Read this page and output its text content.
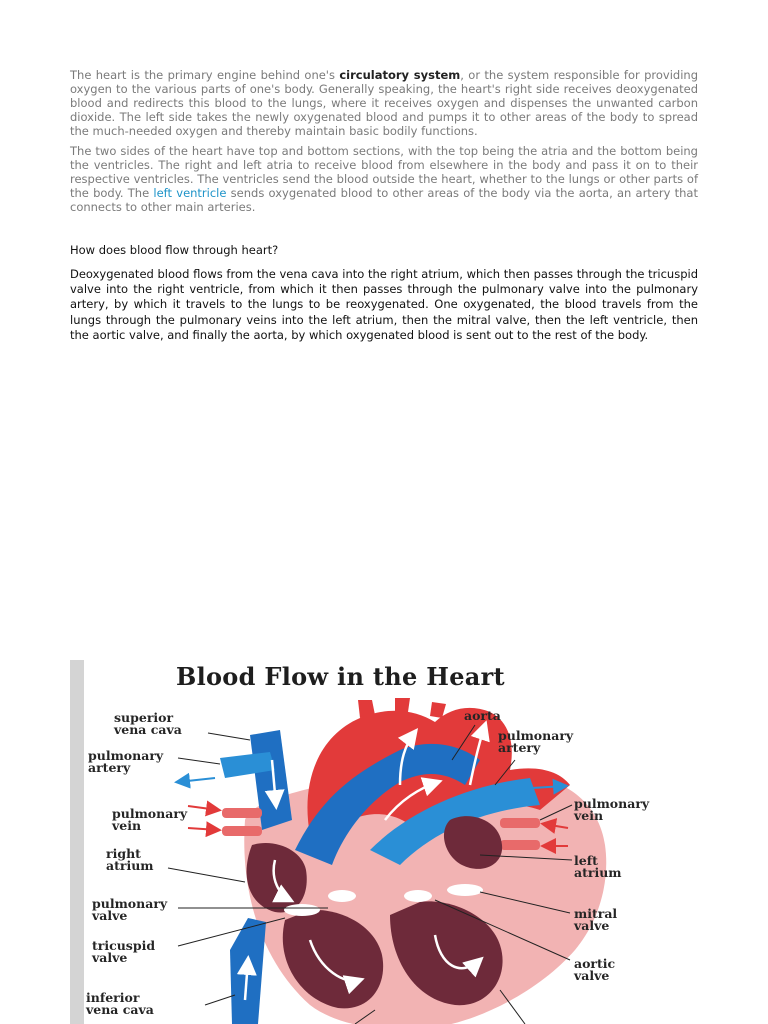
The heart is the primary engine behind one's circulatory system, or the system responsible for providing oxygen to the various parts of one's body. Generally speaking, the heart's right side receives deoxygenated blood and redirects this blood to the lungs, where it receives oxygen and dispenses the unwanted carbon dioxide. The left side takes the newly oxygenated blood and pumps it to other areas of the body to spread the much-needed oxygen and thereby maintain basic bodily functions.

The two sides of the heart have top and bottom sections, with the top being the atria and the bottom being the ventricles. The right and left atria to receive blood from elsewhere in the body and pass it on to their respective ventricles. The ventricles send the blood outside the heart, whether to the lungs or other parts of the body. The left ventricle sends oxygenated blood to other areas of the body via the aorta, an artery that connects to other main arteries.

How does blood flow through heart?

Deoxygenated blood flows from the vena cava into the right atrium, which then passes through the tricuspid valve into the right ventricle, from which it then passes through the pulmonary valve into the pulmonary artery, by which it travels to the lungs to be reoxygenated. One oxygenated, the blood travels from the lungs through the pulmonary veins into the left atrium, then the mitral valve, then the left ventricle, then the aortic valve, and finally the aorta, by which oxygenated blood is sent out to the rest of the body.

Blood Flow in the Heart
superior
vena cava
pulmonary
artery
pulmonary
vein
right
atrium
pulmonary
valve
tricuspid
valve
inferior
vena cava
aorta
pulmonary
artery
pulmonary
vein
left
atrium
mitral
valve
aortic
valve
